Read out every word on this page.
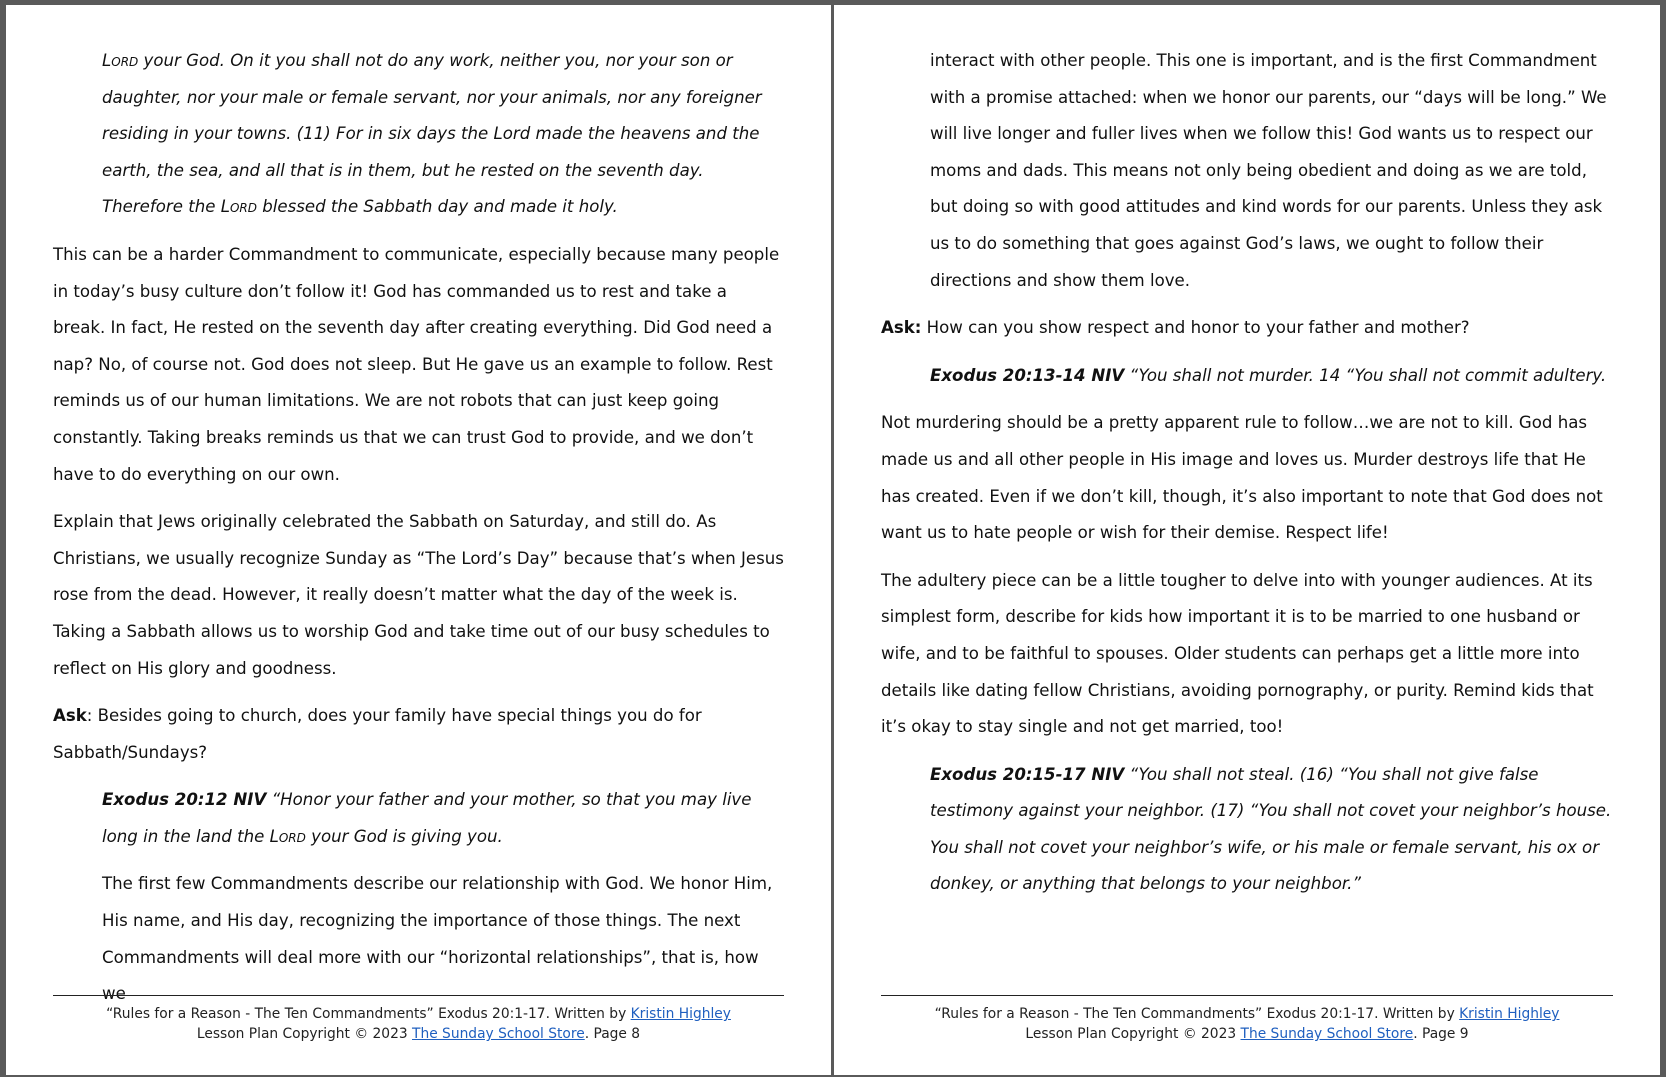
Lord your God. On it you shall not do any work, neither you, nor your son or daughter, nor your male or female servant, nor your animals, nor any foreigner residing in your towns. (11) For in six days the Lord made the heavens and the earth, the sea, and all that is in them, but he rested on the seventh day. Therefore the Lord blessed the Sabbath day and made it holy.

This can be a harder Commandment to communicate, especially because many people in today’s busy culture don’t follow it! God has commanded us to rest and take a break. In fact, He rested on the seventh day after creating everything. Did God need a nap? No, of course not. God does not sleep. But He gave us an example to follow. Rest reminds us of our human limitations. We are not robots that can just keep going constantly. Taking breaks reminds us that we can trust God to provide, and we don’t have to do everything on our own.

Explain that Jews originally celebrated the Sabbath on Saturday, and still do. As Christians, we usually recognize Sunday as “The Lord’s Day” because that’s when Jesus rose from the dead. However, it really doesn’t matter what the day of the week is. Taking a Sabbath allows us to worship God and take time out of our busy schedules to reflect on His glory and goodness.

Ask: Besides going to church, does your family have special things you do for Sabbath/Sundays?

Exodus 20:12 NIV “Honor your father and your mother, so that you may live long in the land the Lord your God is giving you.

The first few Commandments describe our relationship with God. We honor Him, His name, and His day, recognizing the importance of those things. The next Commandments will deal more with our “horizontal relationships”, that is, how we

“Rules for a Reason - The Ten Commandments” Exodus 20:1-17. Written by Kristin Highley
Lesson Plan Copyright © 2023 The Sunday School Store. Page 8

interact with other people. This one is important, and is the first Commandment with a promise attached: when we honor our parents, our “days will be long.” We will live longer and fuller lives when we follow this! God wants us to respect our moms and dads. This means not only being obedient and doing as we are told, but doing so with good attitudes and kind words for our parents. Unless they ask us to do something that goes against God’s laws, we ought to follow their directions and show them love.

Ask: How can you show respect and honor to your father and mother?

Exodus 20:13-14 NIV “You shall not murder. 14 “You shall not commit adultery.

Not murdering should be a pretty apparent rule to follow…we are not to kill. God has made us and all other people in His image and loves us. Murder destroys life that He has created. Even if we don’t kill, though, it’s also important to note that God does not want us to hate people or wish for their demise. Respect life!

The adultery piece can be a little tougher to delve into with younger audiences. At its simplest form, describe for kids how important it is to be married to one husband or wife, and to be faithful to spouses. Older students can perhaps get a little more into details like dating fellow Christians, avoiding pornography, or purity. Remind kids that it’s okay to stay single and not get married, too!

Exodus 20:15-17 NIV “You shall not steal. (16) “You shall not give false testimony against your neighbor. (17) “You shall not covet your neighbor’s house. You shall not covet your neighbor’s wife, or his male or female servant, his ox or donkey, or anything that belongs to your neighbor.”

“Rules for a Reason - The Ten Commandments” Exodus 20:1-17. Written by Kristin Highley
Lesson Plan Copyright © 2023 The Sunday School Store. Page 9
